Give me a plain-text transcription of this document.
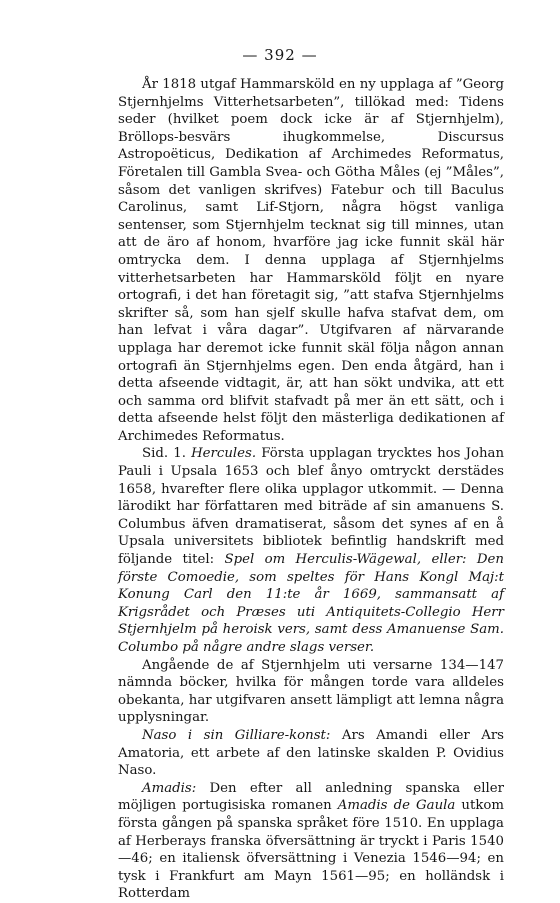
— 392 —

År 1818 utgaf Hammarsköld en ny upplaga af ”Georg Stjernhjelms Vitterhetsarbeten”, tillökad med: Tidens seder (hvilket poem dock icke är af Stjernhjelm), Bröllops-besvärs ihugkommelse, Discursus Astropoëticus, Dedikation af Archimedes Reformatus, Företalen till Gambla Svea- och Götha Måles (ej ”Måles”, såsom det vanligen skrifves) Fatebur och till Baculus Carolinus, samt Lif-Stjorn, några högst vanliga sentenser, som Stjernhjelm tecknat sig till minnes, utan att de äro af honom, hvarföre jag icke funnit skäl här omtrycka dem. I denna upplaga af Stjernhjelms vitterhetsarbeten har Hammarsköld följt en nyare ortografi, i det han företagit sig, ”att stafva Stjernhjelms skrifter så, som han sjelf skulle hafva stafvat dem, om han lefvat i våra dagar”. Utgifvaren af närvarande upplaga har deremot icke funnit skäl följa någon annan ortografi än Stjernhjelms egen. Den enda åtgärd, han i detta afseende vidtagit, är, att han sökt undvika, att ett och samma ord blifvit stafvadt på mer än ett sätt, och i detta afseende helst följt den mästerliga dedikationen af Archimedes Reformatus.

Sid. 1. Hercules. Första upplagan trycktes hos Johan Pauli i Upsala 1653 och blef ånyo omtryckt derstädes 1658, hvarefter flere olika upplagor utkommit. — Denna lärodikt har författaren med biträde af sin amanuens S. Columbus äfven dramatiserat, såsom det synes af en å Upsala universitets bibliotek befintlig handskrift med följande titel: Spel om Herculis-Wägewal, eller: Den förste Comoedie, som speltes för Hans Kongl Maj:t Konung Carl den 11:te år 1669, sammansatt af Krigsrådet och Præses uti Antiquitets-Collegio Herr Stjernhjelm på heroisk vers, samt dess Amanuense Sam. Columbo på någre andre slags verser.

Angående de af Stjernhjelm uti versarne 134—147 nämnda böcker, hvilka för mången torde vara alldeles obekanta, har utgifvaren ansett lämpligt att lemna några upplysningar.

Naso i sin Gilliare-konst: Ars Amandi eller Ars Amatoria, ett arbete af den latinske skalden P. Ovidius Naso.

Amadis: Den efter all anledning spanska eller möjligen portugisiska romanen Amadis de Gaula utkom första gången på spanska språket före 1510. En upplaga af Herberays franska öfversättning är tryckt i Paris 1540—46; en italiensk öfversättning i Venezia 1546—94; en tysk i Frankfurt am Mayn 1561—95; en holländsk i Rotterdam
